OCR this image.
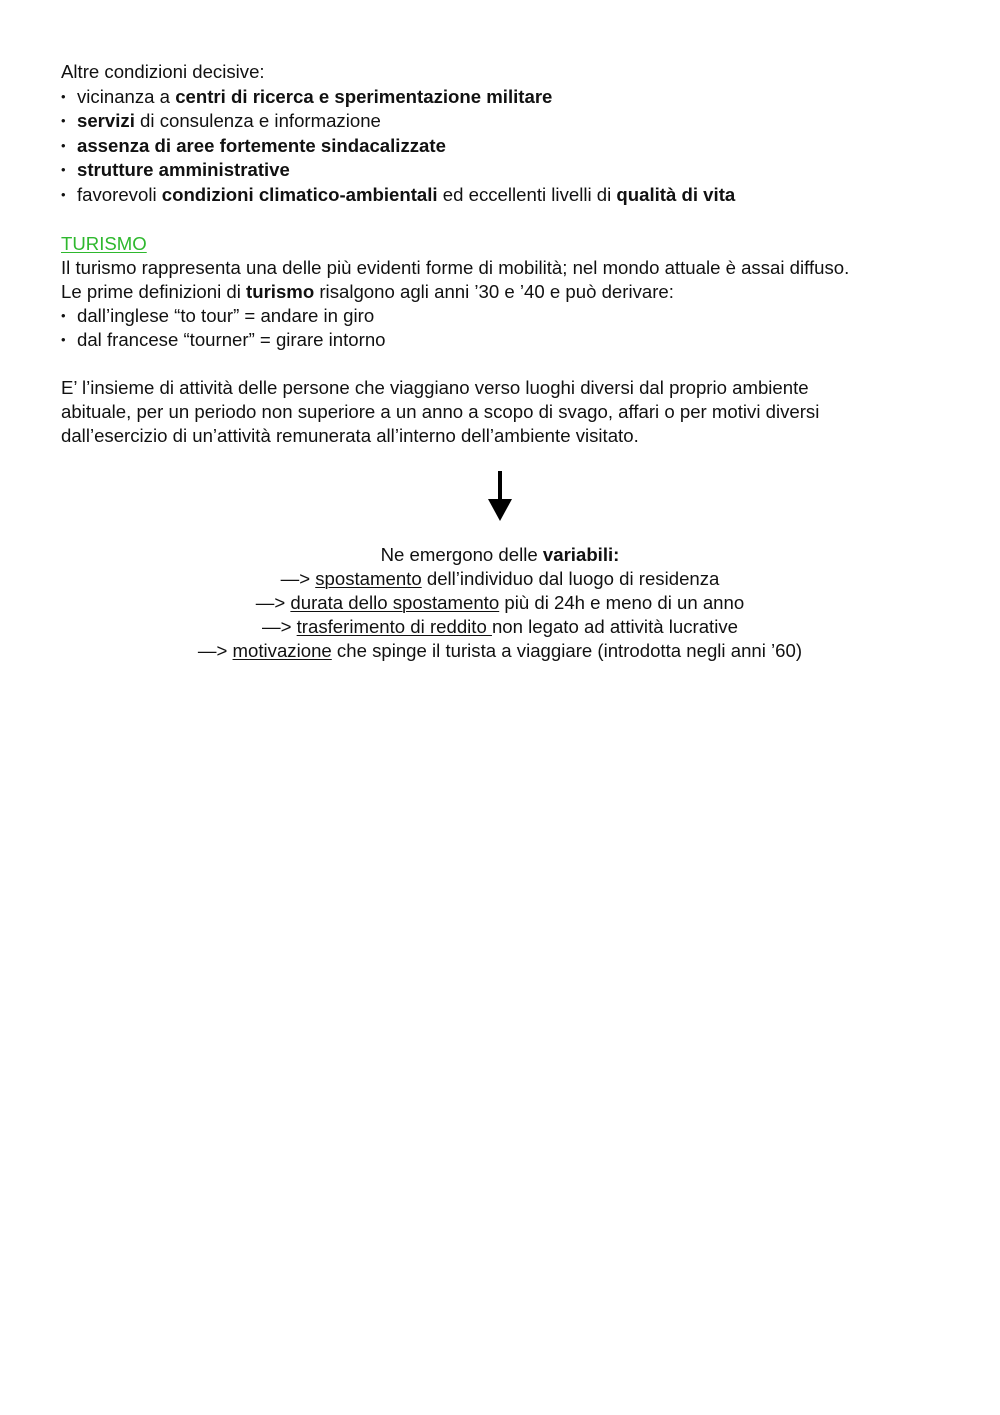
Altre condizioni decisive:
• vicinanza a centri di ricerca e sperimentazione militare
• servizi di consulenza e informazione
• assenza di aree fortemente sindacalizzate
• strutture amministrative
• favorevoli condizioni climatico-ambientali ed eccellenti livelli di qualità di vita
TURISMO
Il turismo rappresenta una delle più evidenti forme di mobilità; nel mondo attuale è assai diffuso.
Le prime definizioni di turismo risalgono agli anni ’30 e ’40 e può derivare:
• dall’inglese “to tour” = andare in giro
• dal francese “tourner” = girare intorno
E’ l’insieme di attività delle persone che viaggiano verso luoghi diversi dal proprio ambiente
abituale, per un periodo non superiore a un anno a scopo di svago, affari o per motivi diversi
dall’esercizio di un’attività remunerata all’interno dell’ambiente visitato.
Ne emergono delle variabili:
—> spostamento dell’individuo dal luogo di residenza
—> durata dello spostamento più di 24h e meno di un anno
—> trasferimento di reddito non legato ad attività lucrative
—> motivazione che spinge il turista a viaggiare (introdotta negli anni ’60)
